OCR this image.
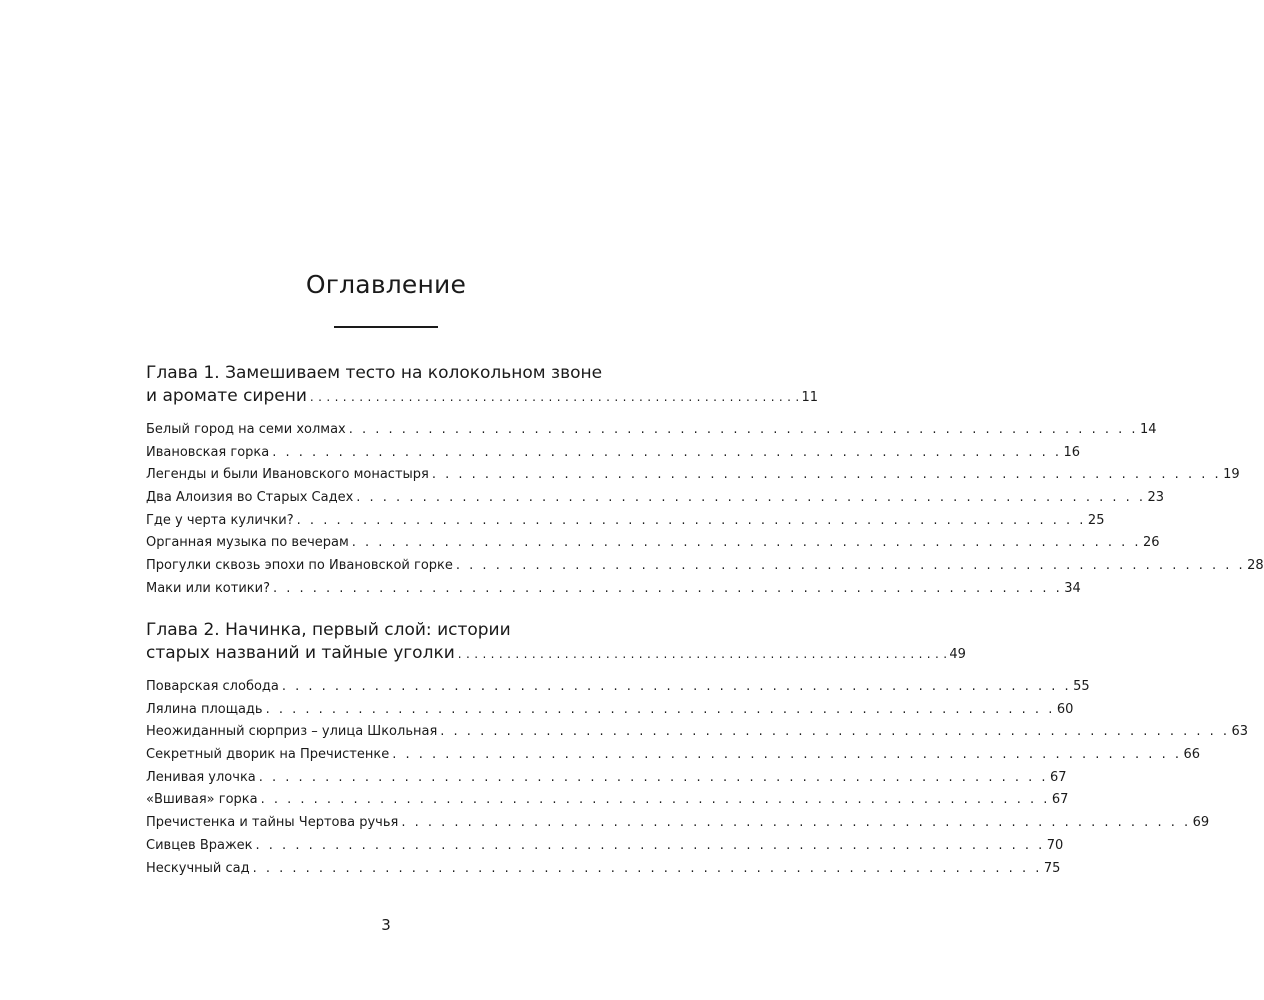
Оглавление
Глава 1. Замешиваем тесто на колокольном звоне
и аромате сирени . . . . . . . . . . . . . . . . . . . . . . . . . . . . . . . . . . . . . . . . . . . . . . . . . . . . . . . . . . . . 11
Белый город на семи холмах . . . . . . . . . . . . . . . . . . . . . . . . . . . . . . . . . . . . . . . . . . . . . . . . . . . . . . . . . . . . 14
Ивановская горка . . . . . . . . . . . . . . . . . . . . . . . . . . . . . . . . . . . . . . . . . . . . . . . . . . . . . . . . . . . . 16
Легенды и были Ивановского монастыря . . . . . . . . . . . . . . . . . . . . . . . . . . . . . . . . . . . . . . . . . . . . . . . . . . . . . . . . . . . . 19
Два Алоизия во Старых Садех . . . . . . . . . . . . . . . . . . . . . . . . . . . . . . . . . . . . . . . . . . . . . . . . . . . . . . . . . . . . 23
Где у черта кулички? . . . . . . . . . . . . . . . . . . . . . . . . . . . . . . . . . . . . . . . . . . . . . . . . . . . . . . . . . . . . 25
Органная музыка по вечерам . . . . . . . . . . . . . . . . . . . . . . . . . . . . . . . . . . . . . . . . . . . . . . . . . . . . . . . . . . . . 26
Прогулки сквозь эпохи по Ивановской горке . . . . . . . . . . . . . . . . . . . . . . . . . . . . . . . . . . . . . . . . . . . . . . . . . . . . . . . . . . . . 28
Маки или котики? . . . . . . . . . . . . . . . . . . . . . . . . . . . . . . . . . . . . . . . . . . . . . . . . . . . . . . . . . . . . 34
Глава 2. Начинка, первый слой: истории
старых названий и тайные уголки . . . . . . . . . . . . . . . . . . . . . . . . . . . . . . . . . . . . . . . . . . . . . . . . . . . . . . . . . . . . 49
Поварская слобода . . . . . . . . . . . . . . . . . . . . . . . . . . . . . . . . . . . . . . . . . . . . . . . . . . . . . . . . . . . . 55
Лялина площадь . . . . . . . . . . . . . . . . . . . . . . . . . . . . . . . . . . . . . . . . . . . . . . . . . . . . . . . . . . . . 60
Неожиданный сюрприз – улица Школьная . . . . . . . . . . . . . . . . . . . . . . . . . . . . . . . . . . . . . . . . . . . . . . . . . . . . . . . . . . . . 63
Секретный дворик на Пречистенке . . . . . . . . . . . . . . . . . . . . . . . . . . . . . . . . . . . . . . . . . . . . . . . . . . . . . . . . . . . . 66
Ленивая улочка . . . . . . . . . . . . . . . . . . . . . . . . . . . . . . . . . . . . . . . . . . . . . . . . . . . . . . . . . . . . 67
«Вшивая» горка . . . . . . . . . . . . . . . . . . . . . . . . . . . . . . . . . . . . . . . . . . . . . . . . . . . . . . . . . . . . 67
Пречистенка и тайны Чертова ручья . . . . . . . . . . . . . . . . . . . . . . . . . . . . . . . . . . . . . . . . . . . . . . . . . . . . . . . . . . . . 69
Сивцев Вражек . . . . . . . . . . . . . . . . . . . . . . . . . . . . . . . . . . . . . . . . . . . . . . . . . . . . . . . . . . . . 70
Нескучный сад . . . . . . . . . . . . . . . . . . . . . . . . . . . . . . . . . . . . . . . . . . . . . . . . . . . . . . . . . . . . 75
3
